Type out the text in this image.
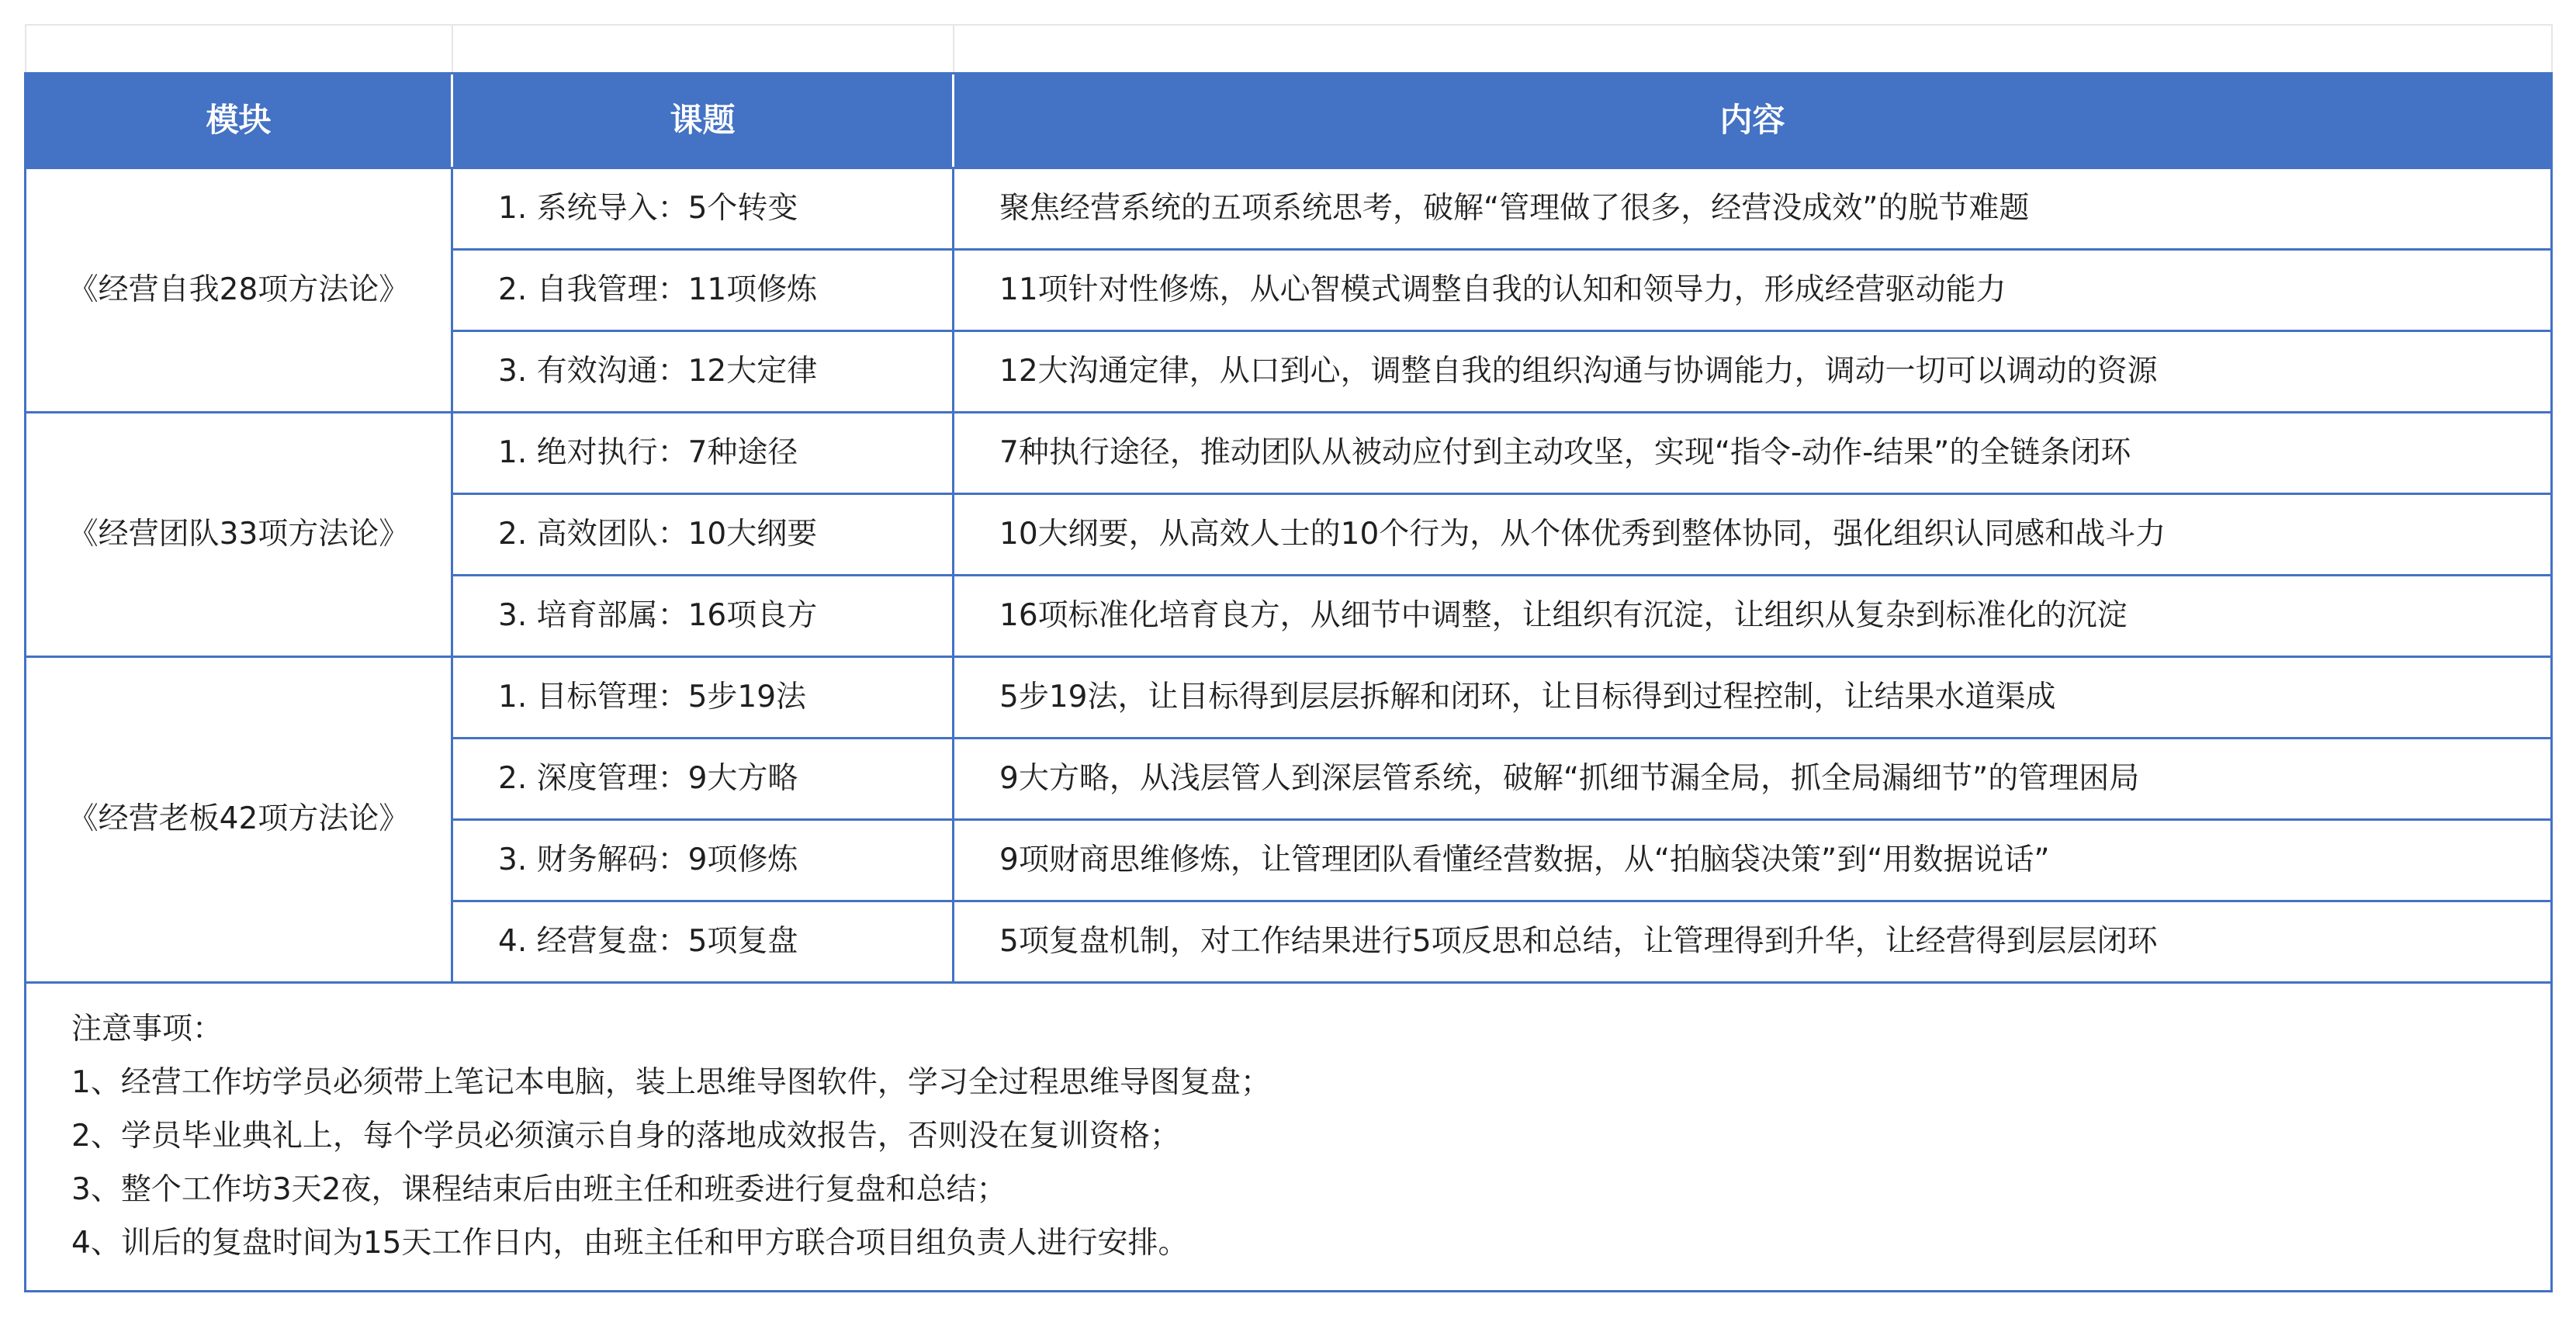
模块	课题	内容
《经营自我28项方法论》	1. 系统导入：5个转变	聚焦经营系统的五项系统思考，破解“管理做了很多，经营没成效”的脱节难题
	2. 自我管理：11项修炼	11项针对性修炼，从心智模式调整自我的认知和领导力，形成经营驱动能力
	3. 有效沟通：12大定律	12大沟通定律，从口到心，调整自我的组织沟通与协调能力，调动一切可以调动的资源
《经营团队33项方法论》	1. 绝对执行：7种途径	7种执行途径，推动团队从被动应付到主动攻坚，实现“指令-动作-结果”的全链条闭环
	2. 高效团队：10大纲要	10大纲要，从高效人士的10个行为，从个体优秀到整体协同，强化组织认同感和战斗力
	3. 培育部属：16项良方	16项标准化培育良方，从细节中调整，让组织有沉淀，让组织从复杂到标准化的沉淀
《经营老板42项方法论》	1. 目标管理：5步19法	5步19法，让目标得到层层拆解和闭环，让目标得到过程控制，让结果水道渠成
	2. 深度管理：9大方略	9大方略，从浅层管人到深层管系统，破解“抓细节漏全局，抓全局漏细节”的管理困局
	3. 财务解码：9项修炼	9项财商思维修炼，让管理团队看懂经营数据，从“拍脑袋决策”到“用数据说话”
	4. 经营复盘：5项复盘	5项复盘机制，对工作结果进行5项反思和总结，让管理得到升华，让经营得到层层闭环

注意事项：
1、经营工作坊学员必须带上笔记本电脑，装上思维导图软件，学习全过程思维导图复盘；
2、学员毕业典礼上，每个学员必须演示自身的落地成效报告，否则没在复训资格；
3、整个工作坊3天2夜，课程结束后由班主任和班委进行复盘和总结；
4、训后的复盘时间为15天工作日内，由班主任和甲方联合项目组负责人进行安排。		
